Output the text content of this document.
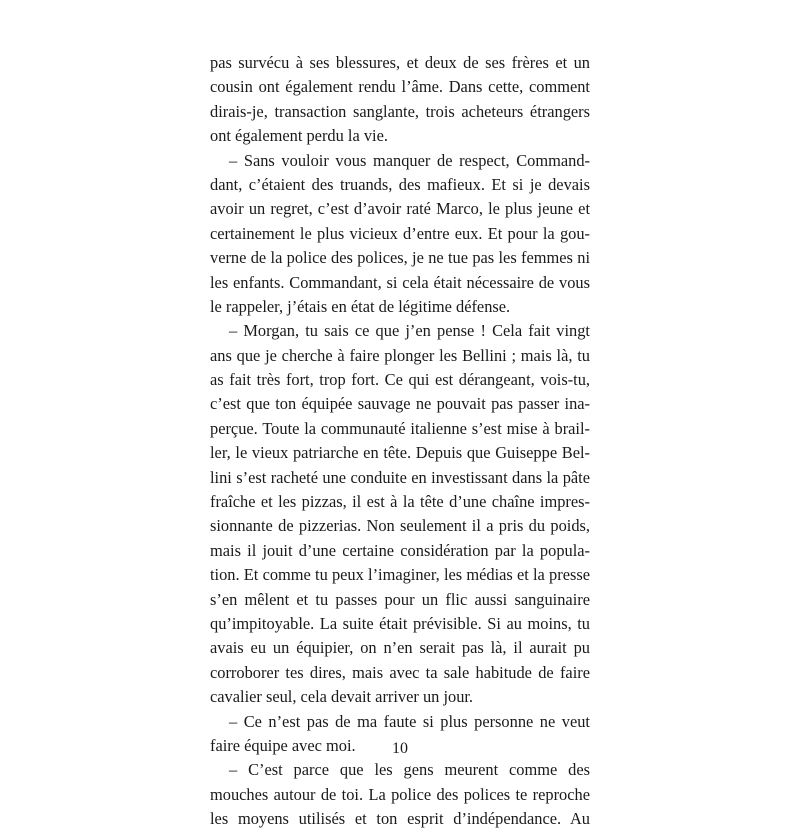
pas survécu à ses blessures, et deux de ses frères et un
cousin ont également rendu l’âme. Dans cette, comment
dirais-je, transaction sanglante, trois acheteurs étrangers
ont également perdu la vie.
– Sans vouloir vous manquer de respect, Command-
dant, c’étaient des truands, des mafieux. Et si je devais
avoir un regret, c’est d’avoir raté Marco, le plus jeune et
certainement le plus vicieux d’entre eux. Et pour la gou-
verne de la police des polices, je ne tue pas les femmes ni
les enfants. Commandant, si cela était nécessaire de vous
le rappeler, j’étais en état de légitime défense.
– Morgan, tu sais ce que j’en pense ! Cela fait vingt
ans que je cherche à faire plonger les Bellini ; mais là, tu
as fait très fort, trop fort. Ce qui est dérangeant, vois-tu,
c’est que ton équipée sauvage ne pouvait pas passer ina-
perçue. Toute la communauté italienne s’est mise à brail-
ler, le vieux patriarche en tête. Depuis que Guiseppe Bel-
lini s’est racheté une conduite en investissant dans la pâte
fraîche et les pizzas, il est à la tête d’une chaîne impres-
sionnante de pizzerias. Non seulement il a pris du poids,
mais il jouit d’une certaine considération par la popula-
tion. Et comme tu peux l’imaginer, les médias et la presse
s’en mêlent et tu passes pour un flic aussi sanguinaire
qu’impitoyable. La suite était prévisible. Si au moins, tu
avais eu un équipier, on n’en serait pas là, il aurait pu
corroborer tes dires, mais avec ta sale habitude de faire
cavalier seul, cela devait arriver un jour.
– Ce n’est pas de ma faute si plus personne ne veut
faire équipe avec moi.
– C’est parce que les gens meurent comme des
mouches autour de toi. La police des polices te reproche
les moyens utilisés et ton esprit d’indépendance. Au
10
